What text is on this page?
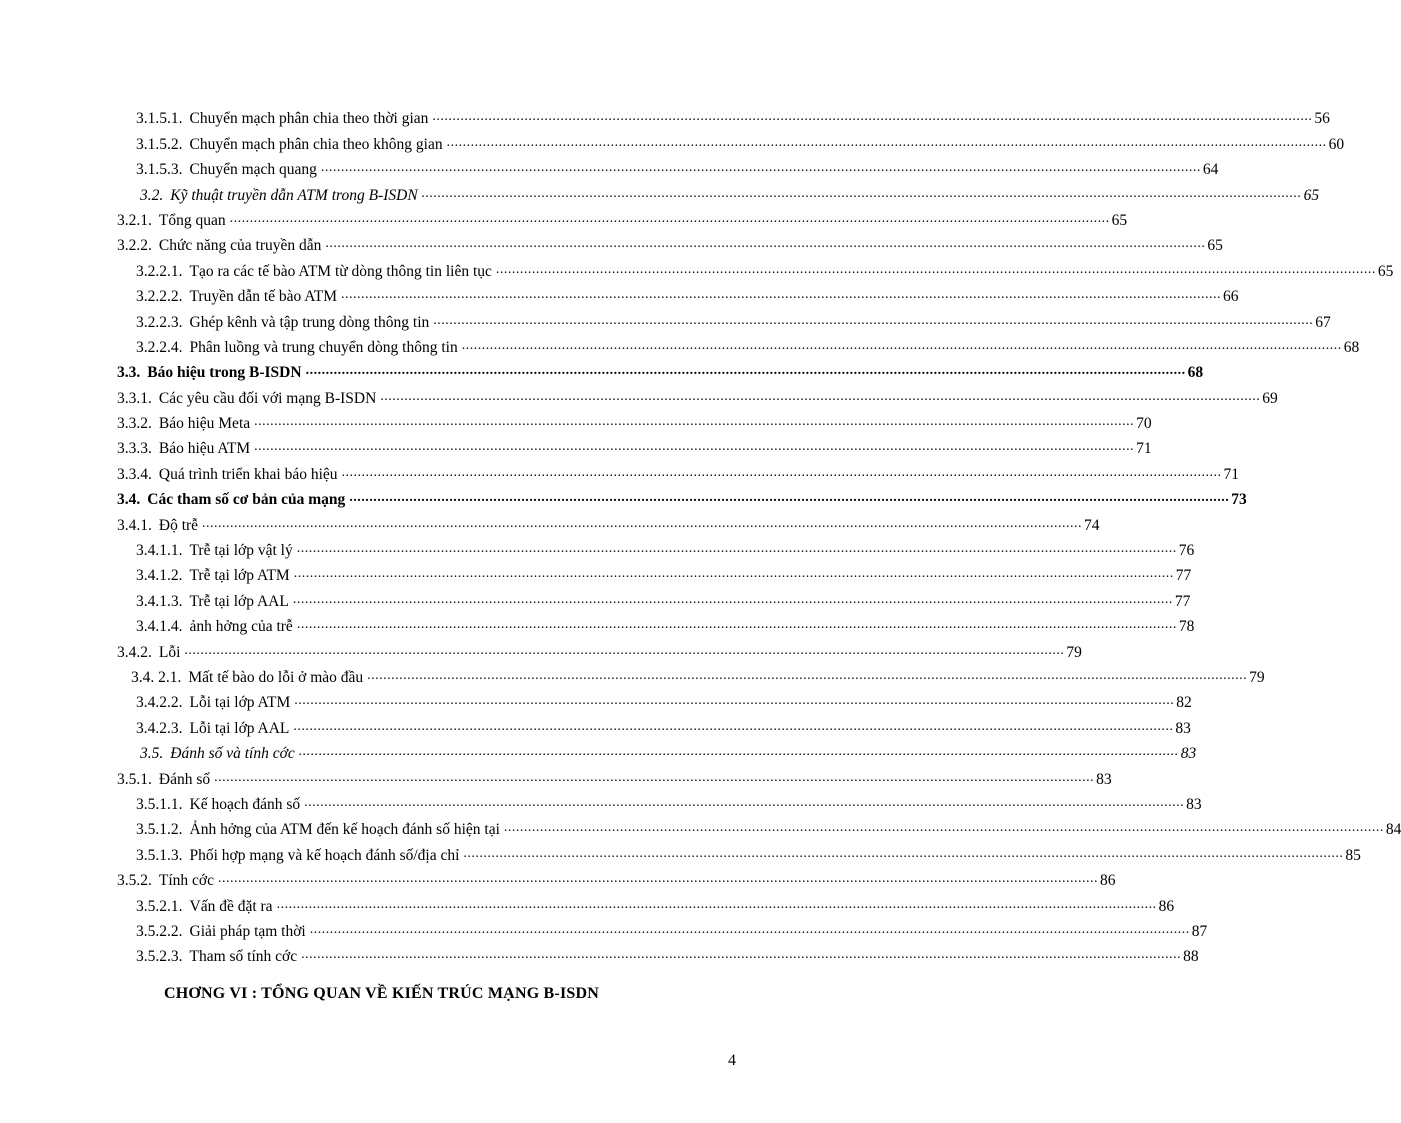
3.1.5.1. Chuyển mạch phân chia theo thời gian ............................................................................................................................................................................................................................ 56
3.1.5.2. Chuyển mạch phân chia theo không gian ............................................................................................................................................................................................................................ 60
3.1.5.3. Chuyển mạch quang ............................................................................................................................................................................................................................ 64
3.2. Kỹ thuật truyền dẫn ATM trong B-ISDN ............................................................................................................................................................................................................................ 65
3.2.1. Tổng quan ............................................................................................................................................................................................................................ 65
3.2.2. Chức năng của truyền dẫn ............................................................................................................................................................................................................................ 65
3.2.2.1. Tạo ra các tế bào ATM từ dòng thông tin liên tục ............................................................................................................................................................................................................................ 65
3.2.2.2. Truyền dẫn tế bào ATM ............................................................................................................................................................................................................................ 66
3.2.2.3. Ghép kênh và tập trung dòng thông tin ............................................................................................................................................................................................................................ 67
3.2.2.4. Phân luồng và trung chuyển dòng thông tin ............................................................................................................................................................................................................................ 68
3.3. Báo hiệu trong B-ISDN ............................................................................................................................................................................................................................ 68
3.3.1. Các yêu cầu đối với mạng B-ISDN ............................................................................................................................................................................................................................ 69
3.3.2. Báo hiệu Meta ............................................................................................................................................................................................................................ 70
3.3.3. Báo hiệu ATM ............................................................................................................................................................................................................................ 71
3.3.4. Quá trình triển khai báo hiệu ............................................................................................................................................................................................................................ 71
3.4. Các tham số cơ bản của mạng ............................................................................................................................................................................................................................ 73
3.4.1. Độ trễ ............................................................................................................................................................................................................................ 74
3.4.1.1. Trễ tại lớp vật lý ............................................................................................................................................................................................................................ 76
3.4.1.2. Trễ tại lớp ATM ............................................................................................................................................................................................................................ 77
3.4.1.3. Trễ tại lớp AAL ............................................................................................................................................................................................................................ 77
3.4.1.4. ảnh hởng của trễ ............................................................................................................................................................................................................................ 78
3.4.2. Lỗi ............................................................................................................................................................................................................................ 79
3.4. 2.1. Mất tế bào do lỗi ở mào đầu ............................................................................................................................................................................................................................ 79
3.4.2.2. Lỗi tại lớp ATM ............................................................................................................................................................................................................................ 82
3.4.2.3. Lỗi tại lớp AAL ............................................................................................................................................................................................................................ 83
3.5. Đánh số và tính cớc ............................................................................................................................................................................................................................ 83
3.5.1. Đánh số ............................................................................................................................................................................................................................ 83
3.5.1.1. Kế hoạch đánh số ............................................................................................................................................................................................................................ 83
3.5.1.2. Ảnh hởng của ATM đến kế hoạch đánh số hiện tại ............................................................................................................................................................................................................................ 84
3.5.1.3. Phối hợp mạng và kế hoạch đánh số/địa chỉ ............................................................................................................................................................................................................................ 85
3.5.2. Tính cớc ............................................................................................................................................................................................................................ 86
3.5.2.1. Vấn đề đặt ra ............................................................................................................................................................................................................................ 86
3.5.2.2. Giải pháp tạm thời ............................................................................................................................................................................................................................ 87
3.5.2.3. Tham số tính cớc ............................................................................................................................................................................................................................ 88
CHƠNG VI : TỔNG QUAN VỀ KIẾN TRÚC MẠNG B-ISDN
4
